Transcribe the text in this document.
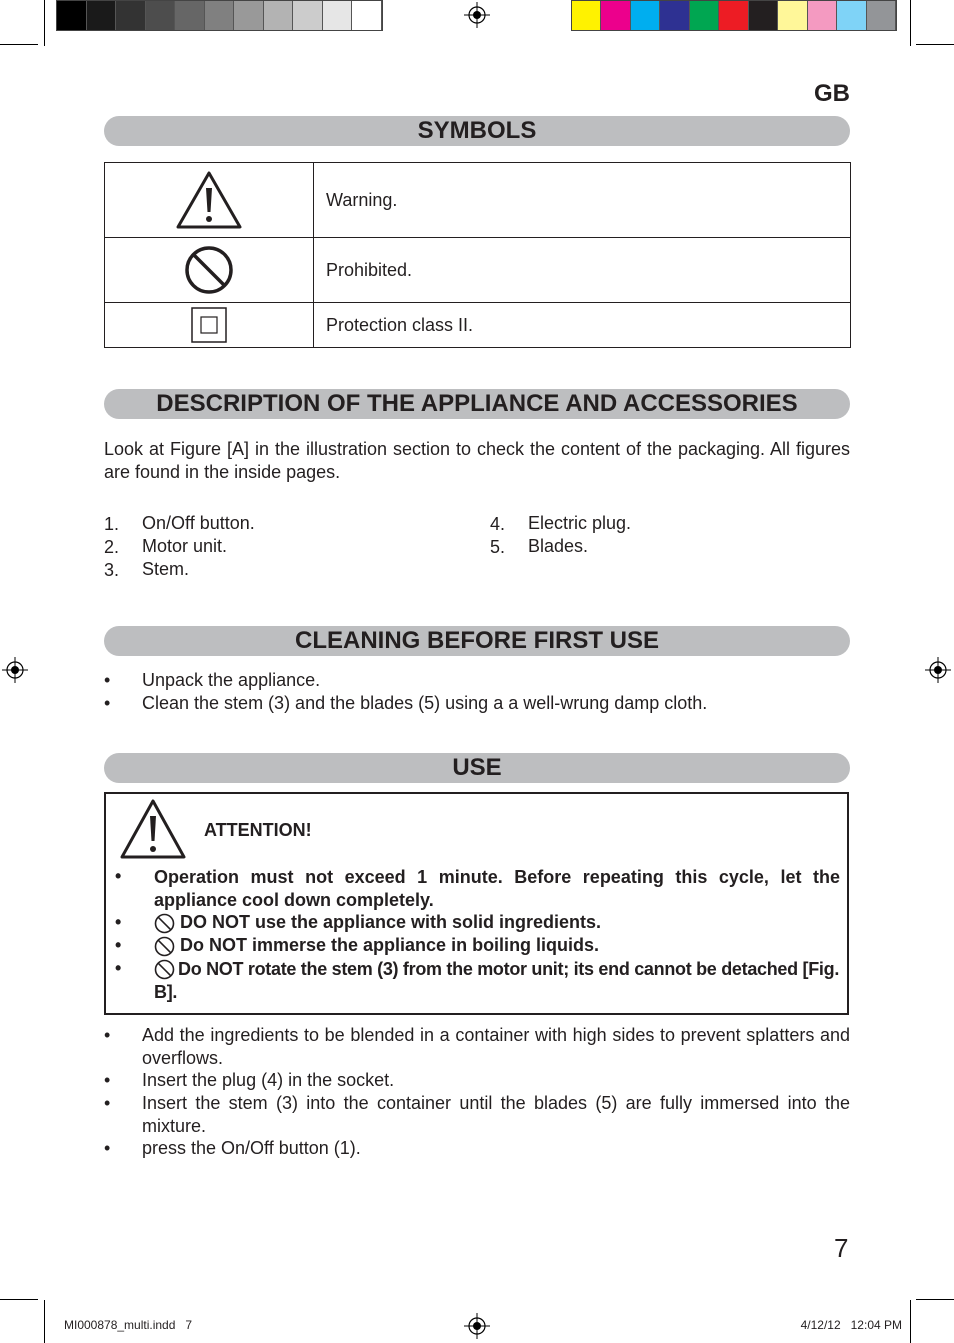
GB
SYMBOLS
	Warning.
	Prohibited.
	Protection class II.
DESCRIPTION OF THE APPLIANCE AND ACCESSORIES
Look at Figure [A] in the illustration section to check the content of the packaging. All figures are found in the inside pages.
1. On/Off button.
2. Motor unit.
3. Stem.
4. Electric plug.
5. Blades.
CLEANING BEFORE FIRST USE
• Unpack the appliance.
• Clean the stem (3) and the blades (5) using a a well-wrung damp cloth.
USE
ATTENTION!
• Operation must not exceed 1 minute. Before repeating this cycle, let the appliance cool down completely.
•	DO NOT use the appliance with solid ingredients.
•	Do NOT immerse the appliance in boiling liquids.
•	Do NOT rotate the stem (3) from the motor unit; its end cannot be detached [Fig. B].
• Add the ingredients to be blended in a container with high sides to prevent splatters and overflows.
• Insert the plug (4) in the socket.
• Insert the stem (3) into the container until the blades (5) are fully immersed into the mixture.
• press the On/Off button (1).
7
MI000878_multi.indd   7	4/12/12   12:04 PM
